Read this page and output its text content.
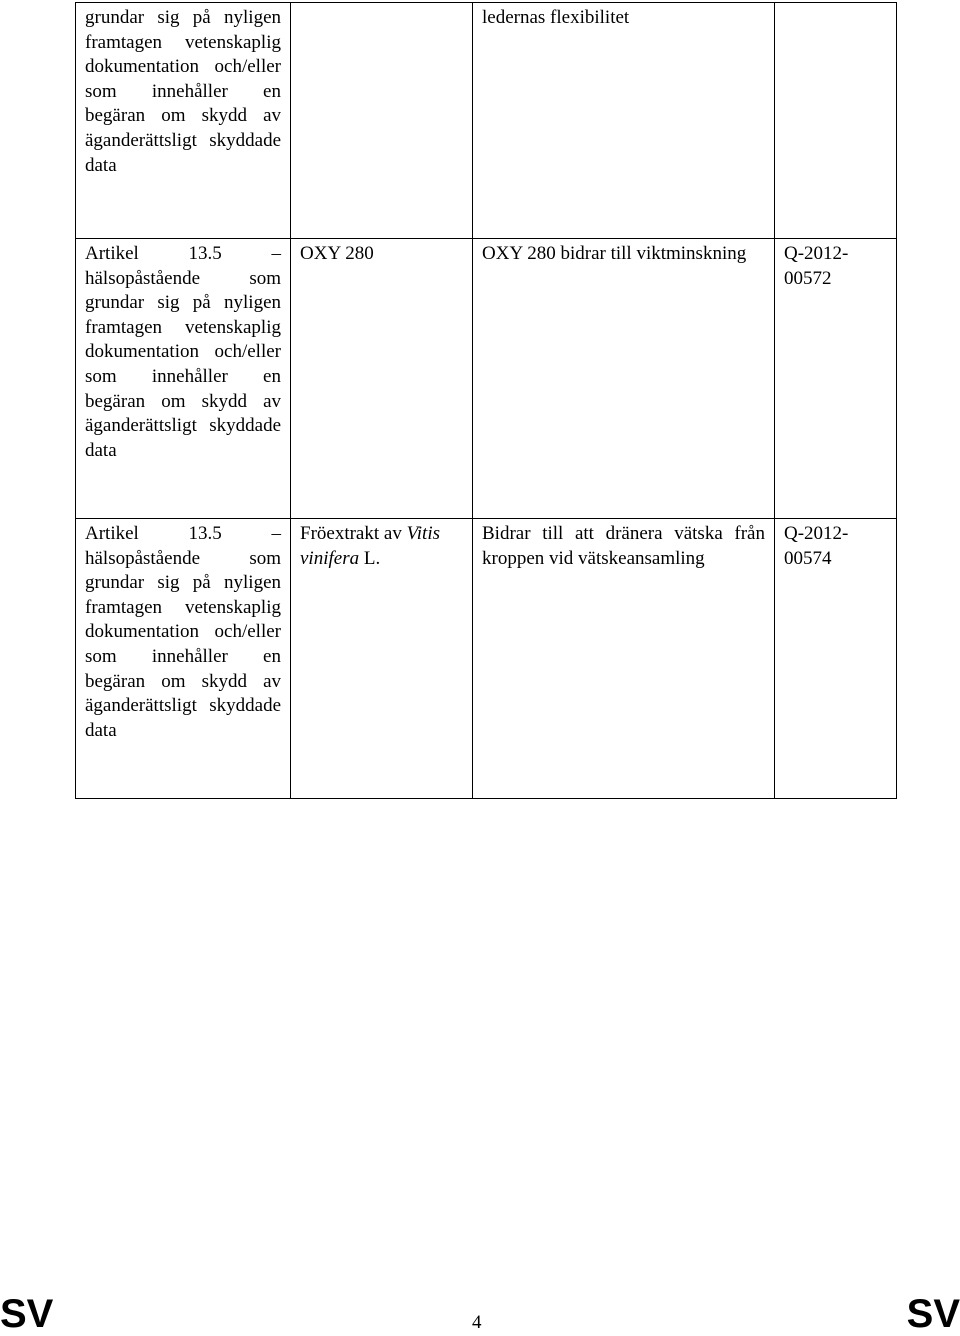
grundar sig på nyligen framtagen vetenskaplig dokumentation och/eller som innehåller en begäran om skydd av äganderättsligt skyddade data		ledernas flexibilitet	
Artikel 13.5 – hälsopåstående som grundar sig på nyligen framtagen vetenskaplig dokumentation och/eller som innehåller en begäran om skydd av äganderättsligt skyddade data	OXY 280	OXY 280 bidrar till viktminskning	Q-2012-00572
Artikel 13.5 – hälsopåstående som grundar sig på nyligen framtagen vetenskaplig dokumentation och/eller som innehåller en begäran om skydd av äganderättsligt skyddade data	Fröextrakt av Vitis vinifera L.	Bidrar till att dränera vätska från kroppen vid vätskeansamling	Q-2012-00574
SV	4	SV
